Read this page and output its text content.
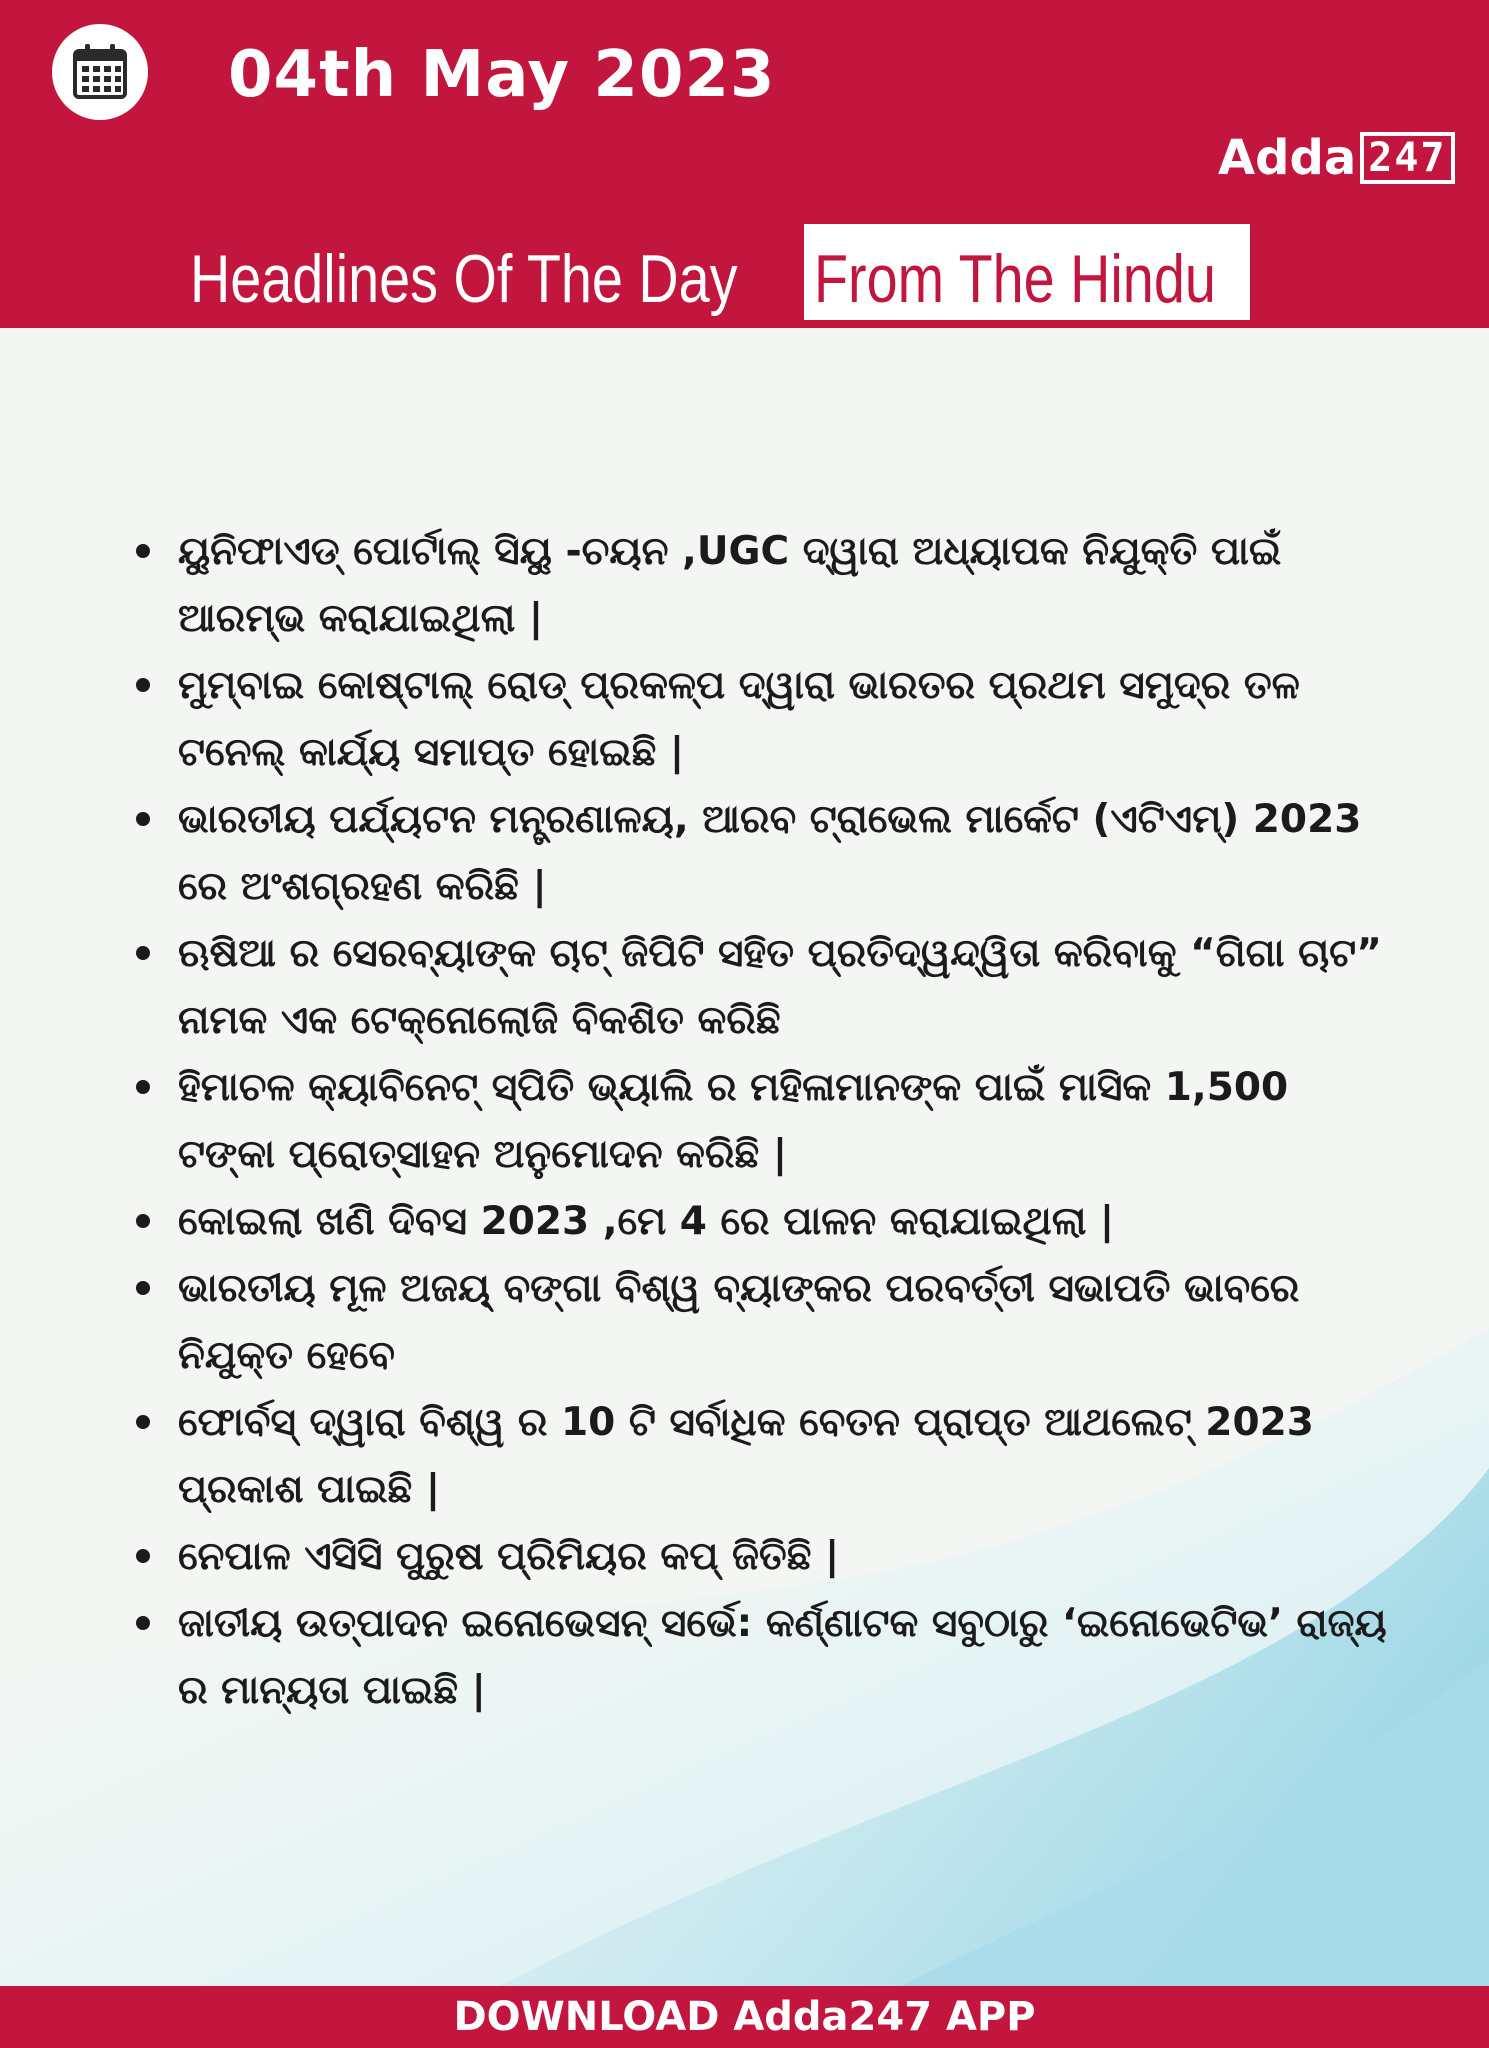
04th May 2023
Adda 247
Headlines Of The Day From The Hindu
ୟୁନିଫାଏଡ୍ ପୋର୍ଟାଲ୍ ସିୟୁ -ଚୟନ ,UGC ଦ୍ୱାରା ଅଧ୍ୟାପକ ନିଯୁକ୍ତି ପାଇଁ ଆରମ୍ଭ କରାଯାଇଥିଲା |
ମୁମ୍ବାଇ କୋଷ୍ଟାଲ୍ ରୋଡ୍ ପ୍ରକଳ୍ପ ଦ୍ୱାରା ଭାରତର ପ୍ରଥମ ସମୁଦ୍ର ତଳ ଟନେଲ୍ କାର୍ଯ୍ୟ ସମାପ୍ତ ହୋଇଛି |
ଭାରତୀୟ ପର୍ଯ୍ୟଟନ ମନ୍ତ୍ରଣାଳୟ, ଆରବ ଟ୍ରାଭେଲ ମାର୍କେଟ (ଏଟିଏମ୍) 2023 ରେ ଅଂଶଗ୍ରହଣ କରିଛି |
ଋଷିଆ ର ସେରବ୍ୟାଙ୍କ ଚାଟ୍ ଜିପିଟି ସହିତ ପ୍ରତିଦ୍ୱନ୍ଦ୍ୱିତା କରିବାକୁ “ଗିଗା ଚାଟ” ନାମକ ଏକ ଟେକ୍ନୋଲୋଜି ବିକଶିତ କରିଛି
ହିମାଚଳ କ୍ୟାବିନେଟ୍ ସ୍ପିତି ଭ୍ୟାଲି ର ମହିଳାମାନଙ୍କ ପାଇଁ ମାସିକ 1,500 ଟଙ୍କା ପ୍ରୋତ୍ସାହନ ଅନୁମୋଦନ କରିଛି |
କୋଇଲା ଖଣି ଦିବସ 2023 ,ମେ 4 ରେ ପାଳନ କରାଯାଇଥିଲା |
ଭାରତୀୟ ମୂଳ ଅଜୟ୍ ବଙ୍ଗା ବିଶ୍ୱ ବ୍ୟାଙ୍କର ପରବର୍ତ୍ତୀ ସଭାପତି ଭାବରେ ନିଯୁକ୍ତ ହେବେ
ଫୋର୍ବସ୍ ଦ୍ୱାରା ବିଶ୍ୱ ର 10 ଟି ସର୍ବାଧିକ ବେତନ ପ୍ରାପ୍ତ ଆଥଲେଟ୍ 2023 ପ୍ରକାଶ ପାଇଛି |
ନେପାଳ ଏସିସି ପୁରୁଷ ପ୍ରିମିୟର କପ୍ ଜିତିଛି |
ଜାତୀୟ ଉତ୍ପାଦନ ଇନୋଭେସନ୍ ସର୍ଭେ: କର୍ଣ୍ଣାଟକ ସବୁଠାରୁ ‘ଇନୋଭେଟିଭ’ ରାଜ୍ୟ ର ମାନ୍ୟତା ପାଇଛି |
DOWNLOAD Adda247 APP
